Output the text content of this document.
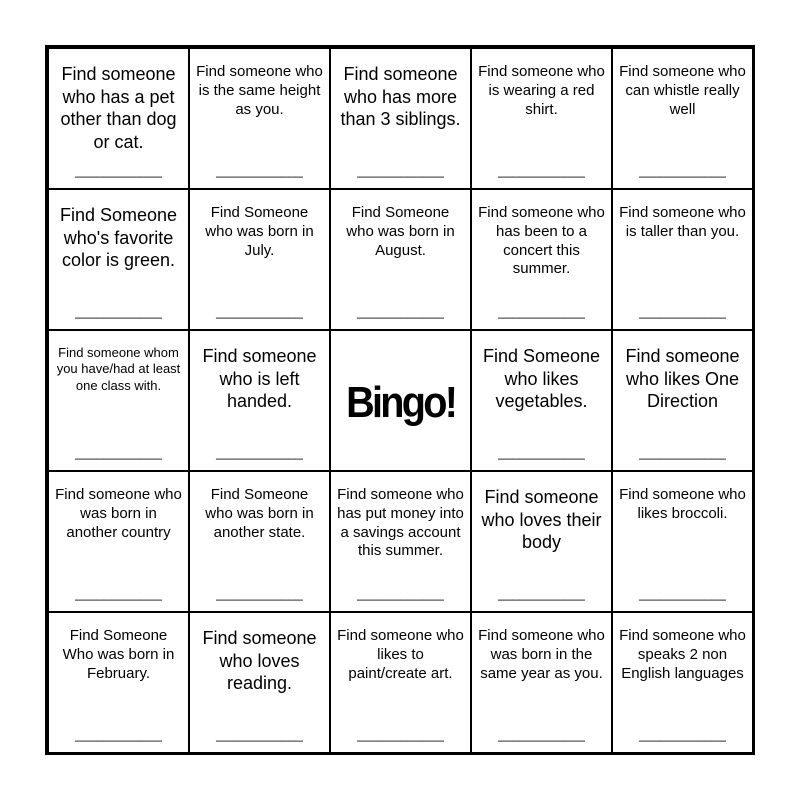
Find someone who has a pet other than dog or cat.
____________
Find someone who is the same height as you.
____________
Find someone who has more than 3 siblings.
____________
Find someone who is wearing a red shirt.
____________
Find someone who can whistle really well
____________
Find Someone who's favorite color is green.
____________
Find Someone who was born in July.
____________
Find Someone who was born in August.
____________
Find someone who has been to a concert this summer.
____________
Find someone who is taller than you.
____________
Find someone whom you have/had at least one class with.
____________
Find someone who is left handed.
____________
Bingo!
Find Someone who likes vegetables.
____________
Find someone who likes One Direction
____________
Find someone who was born in another country
____________
Find Someone who was born in another state.
____________
Find someone who has put money into a savings account this summer.
____________
Find someone who loves their body
____________
Find someone who likes broccoli.
____________
Find Someone Who was born in February.
____________
Find someone who loves reading.
____________
Find someone who likes to paint/create art.
____________
Find someone who was born in the same year as you.
____________
Find someone who speaks 2 non English languages
____________
